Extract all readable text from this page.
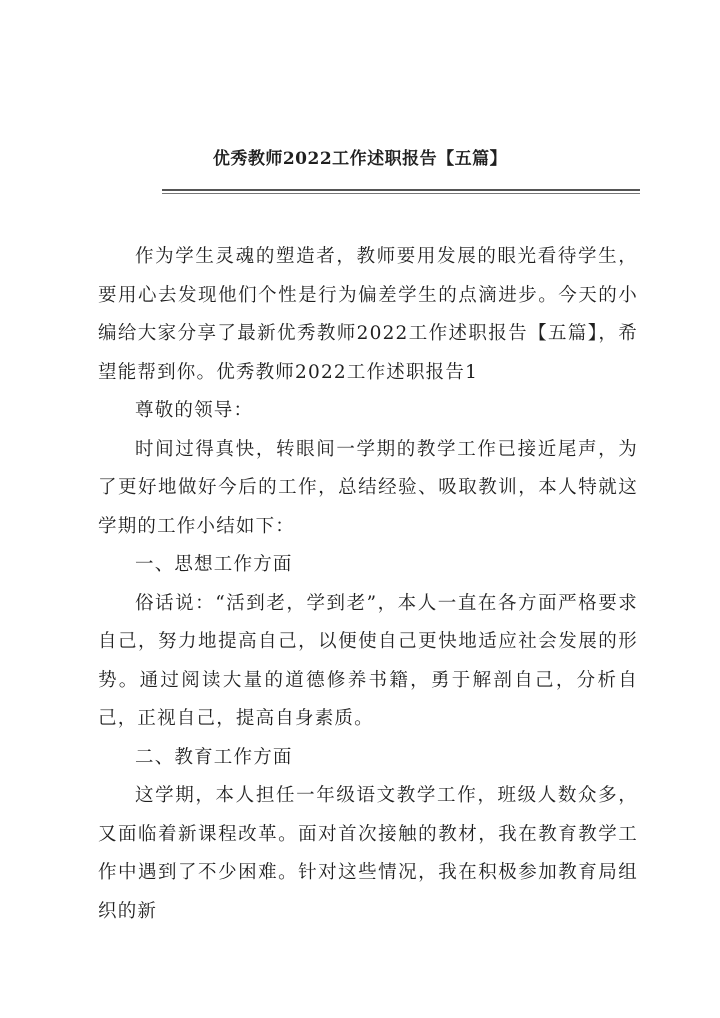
优秀教师2022工作述职报告【五篇】

作为学生灵魂的塑造者，教师要用发展的眼光看待学生，要用心去发现他们个性是行为偏差学生的点滴进步。今天的小编给大家分享了最新优秀教师2022工作述职报告【五篇】，希望能帮到你。优秀教师2022工作述职报告1

尊敬的领导：

时间过得真快，转眼间一学期的教学工作已接近尾声，为了更好地做好今后的工作，总结经验、吸取教训，本人特就这学期的工作小结如下：

一、思想工作方面

俗话说：“活到老，学到老”，本人一直在各方面严格要求自己，努力地提高自己，以便使自己更快地适应社会发展的形势。通过阅读大量的道德修养书籍，勇于解剖自己，分析自己，正视自己，提高自身素质。

二、教育工作方面

这学期，本人担任一年级语文教学工作，班级人数众多，又面临着新课程改革。面对首次接触的教材，我在教育教学工作中遇到了不少困难。针对这些情况，我在积极参加教育局组织的新
